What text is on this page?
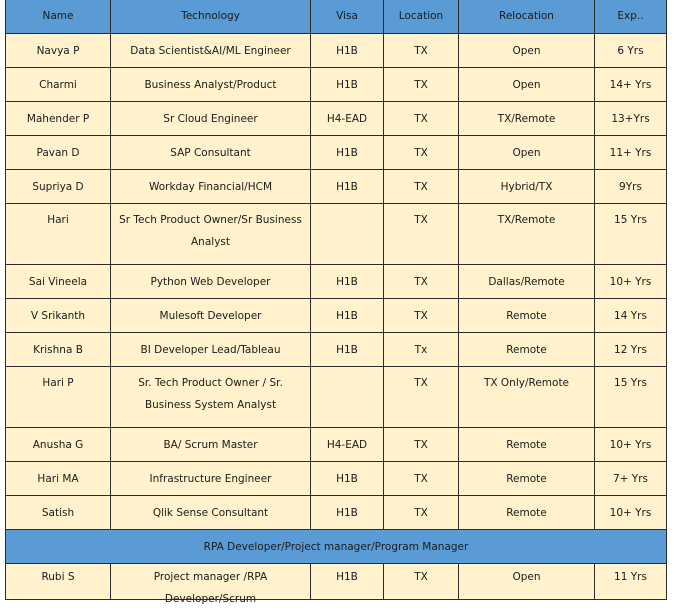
Name	Technology	Visa	Location	Relocation	Exp..
Navya P	Data Scientist&AI/ML Engineer	H1B	TX	Open	6 Yrs
Charmi	Business Analyst/Product	H1B	TX	Open	14+ Yrs
Mahender P	Sr Cloud Engineer	H4-EAD	TX	TX/Remote	13+Yrs
Pavan D	SAP Consultant	H1B	TX	Open	11+ Yrs
Supriya D	Workday Financial/HCM	H1B	TX	Hybrid/TX	9Yrs
Hari	Sr Tech Product Owner/Sr Business Analyst		TX	TX/Remote	15 Yrs
Sai Vineela	Python Web Developer	H1B	TX	Dallas/Remote	10+ Yrs
V Srikanth	Mulesoft Developer	H1B	TX	Remote	14 Yrs
Krishna B	BI Developer Lead/Tableau	H1B	Tx	Remote	12 Yrs
Hari P	Sr. Tech Product Owner / Sr. Business System Analyst		TX	TX Only/Remote	15 Yrs
Anusha G	BA/ Scrum Master	H4-EAD	TX	Remote	10+ Yrs
Hari MA	Infrastructure Engineer	H1B	TX	Remote	7+ Yrs
Satish	Qlik Sense Consultant	H1B	TX	Remote	10+ Yrs
RPA Developer/Project manager/Program Manager					

Rubi S	Project manager /RPA Developer/Scrum	H1B	TX	Open	11 Yrs
